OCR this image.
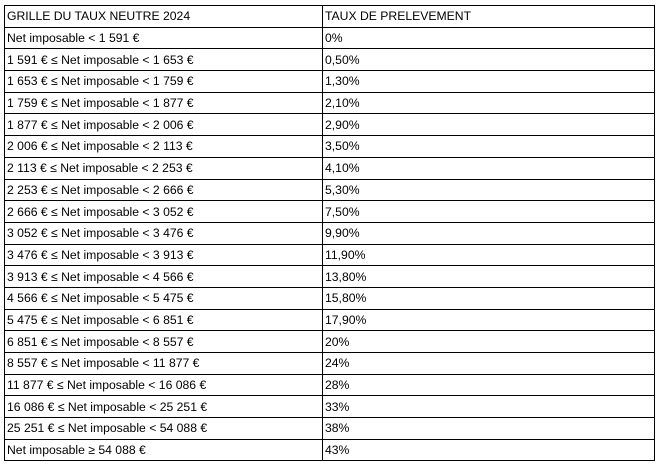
GRILLE DU TAUX NEUTRE 2024	TAUX DE PRELEVEMENT
Net imposable < 1 591 €	0%
1 591 € ≤ Net imposable < 1 653 €	0,50%
1 653 € ≤ Net imposable < 1 759 €	1,30%
1 759 € ≤ Net imposable < 1 877 €	2,10%
1 877 € ≤ Net imposable < 2 006 €	2,90%
2 006 € ≤ Net imposable < 2 113 €	3,50%
2 113 € ≤ Net imposable < 2 253 €	4,10%
2 253 € ≤ Net imposable < 2 666 €	5,30%
2 666 € ≤ Net imposable < 3 052 €	7,50%
3 052 € ≤ Net imposable < 3 476 €	9,90%
3 476 € ≤ Net imposable < 3 913 €	11,90%
3 913 € ≤ Net imposable < 4 566 €	13,80%
4 566 € ≤ Net imposable < 5 475 €	15,80%
5 475 € ≤ Net imposable < 6 851 €	17,90%
6 851 € ≤ Net imposable < 8 557 €	20%
8 557 € ≤ Net imposable < 11 877 €	24%
11 877 € ≤ Net imposable < 16 086 €	28%
16 086 € ≤ Net imposable < 25 251 €	33%
25 251 € ≤ Net imposable < 54 088 €	38%
Net imposable ≥ 54 088 €	43%
